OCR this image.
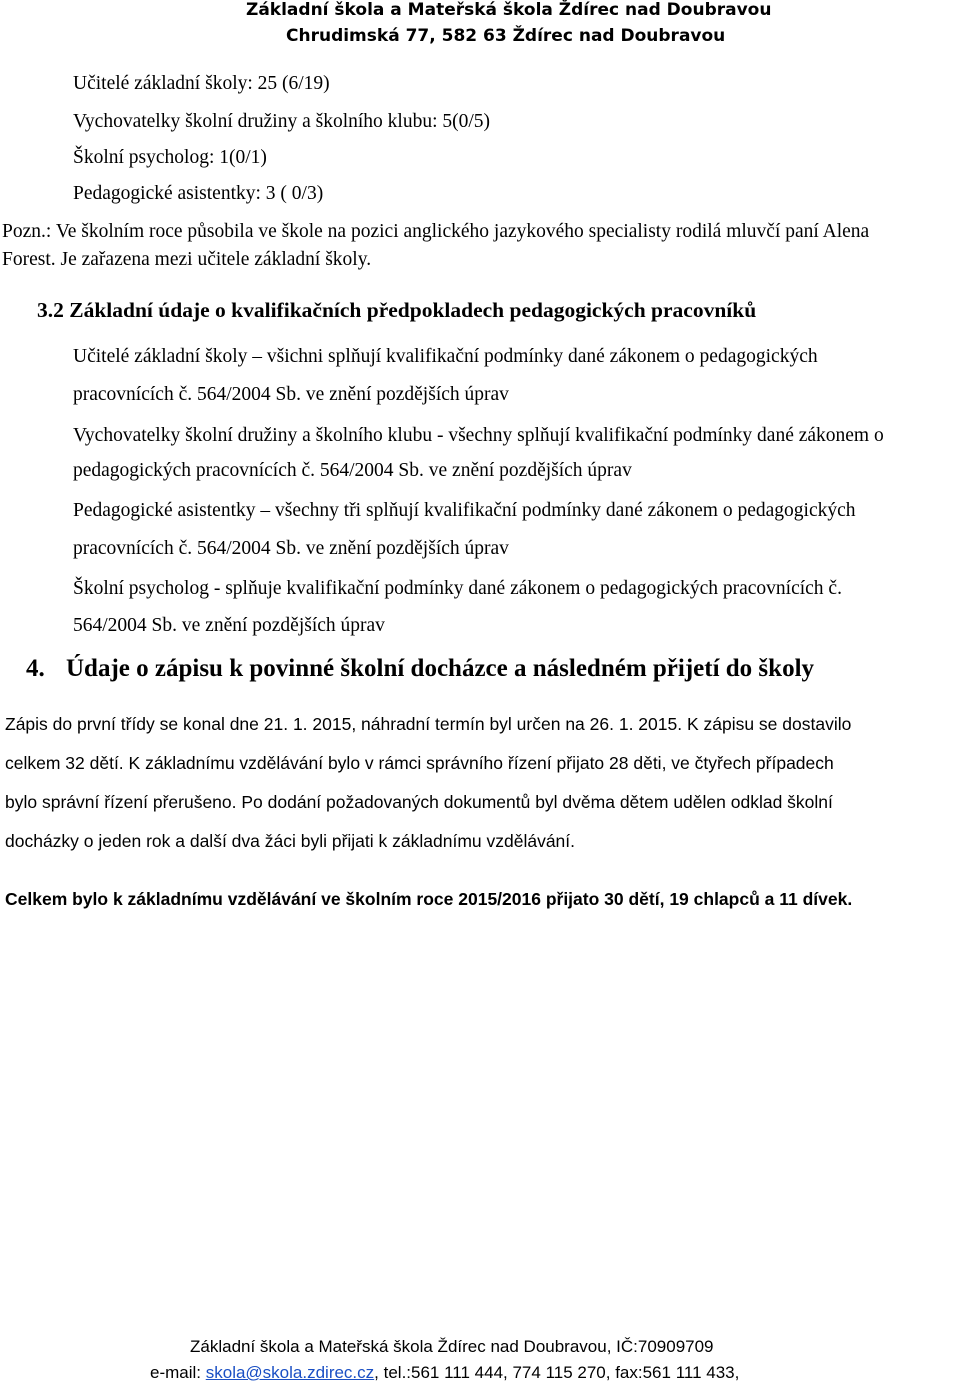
Základní škola a Mateřská škola Ždírec nad Doubravou
Chrudimská 77, 582 63 Ždírec nad Doubravou
Učitelé základní školy: 25 (6/19)
Vychovatelky školní družiny a školního klubu: 5(0/5)
Školní psycholog: 1(0/1)
Pedagogické asistentky: 3 ( 0/3)
Pozn.: Ve školním roce působila ve škole na pozici anglického jazykového specialisty rodilá mluvčí paní Alena
Forest. Je zařazena mezi učitele základní školy.
3.2 Základní údaje o kvalifikačních předpokladech pedagogických pracovníků
Učitelé základní školy – všichni splňují kvalifikační podmínky dané zákonem o pedagogických
pracovnících č. 564/2004 Sb. ve znění pozdějších úprav
Vychovatelky školní družiny a školního klubu - všechny splňují kvalifikační podmínky dané zákonem o
pedagogických pracovnících č. 564/2004 Sb. ve znění pozdějších úprav
Pedagogické asistentky – všechny tři splňují kvalifikační podmínky dané zákonem o pedagogických
pracovnících č. 564/2004 Sb. ve znění pozdějších úprav
Školní psycholog - splňuje kvalifikační podmínky dané zákonem o pedagogických pracovnících č.
564/2004 Sb. ve znění pozdějších úprav
4. Údaje o zápisu k povinné školní docházce a následném přijetí do školy
Zápis do první třídy se konal dne 21. 1. 2015, náhradní termín byl určen na 26. 1. 2015. K zápisu se dostavilo
celkem 32 dětí. K základnímu vzdělávání bylo v rámci správního řízení přijato 28 děti, ve čtyřech případech
bylo správní řízení přerušeno. Po dodání požadovaných dokumentů byl dvěma dětem udělen odklad školní
docházky o jeden rok a další dva žáci byli přijati k základnímu vzdělávání.
Celkem bylo k základnímu vzdělávání ve školním roce 2015/2016 přijato 30 dětí, 19 chlapců a 11 dívek.
Základní škola a Mateřská škola Ždírec nad Doubravou, IČ:70909709
e-mail: skola@skola.zdirec.cz, tel.:561 111 444, 774 115 270, fax:561 111 433,
